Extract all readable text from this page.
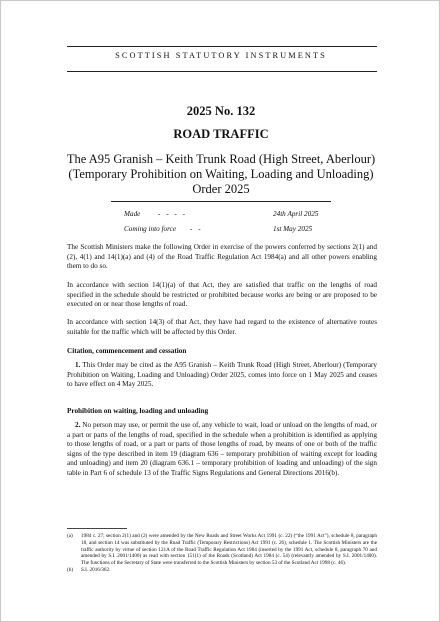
SCOTTISH STATUTORY INSTRUMENTS
2025 No. 132
ROAD TRAFFIC
The A95 Granish – Keith Trunk Road (High Street, Aberlour)
(Temporary Prohibition on Waiting, Loading and Unloading)
Order 2025
Made - - - -	24th April 2025
Coming into force - -	1st May 2025
The Scottish Ministers make the following Order in exercise of the powers conferred by sections 2(1) and (2), 4(1) and 14(1)(a) and (4) of the Road Traffic Regulation Act 1984(a) and all other powers enabling them to do so.
In accordance with section 14(1)(a) of that Act, they are satisfied that traffic on the lengths of road specified in the schedule should be restricted or prohibited because works are being or are proposed to be executed on or near those lengths of road.
In accordance with section 14(3) of that Act, they have had regard to the existence of alternative routes suitable for the traffic which will be affected by this Order.
Citation, commencement and cessation
1. This Order may be cited as the A95 Granish – Keith Trunk Road (High Street, Aberlour) (Temporary Prohibition on Waiting, Loading and Unloading) Order 2025, comes into force on 1 May 2025 and ceases to have effect on 4 May 2025.
Prohibition on waiting, loading and unloading
2. No person may use, or permit the use of, any vehicle to wait, load or unload on the lengths of road, or a part or parts of the lengths of road, specified in the schedule when a prohibition is identified as applying to those lengths of road, or a part or parts of those lengths of road, by means of one or both of the traffic signs of the type described in item 19 (diagram 636 – temporary prohibition of waiting except for loading and unloading) and item 20 (diagram 636.1 – temporary prohibition of loading and unloading) of the sign table in Part 6 of schedule 13 of the Traffic Signs Regulations and General Directions 2016(b).
(a)	1984 c. 27; section 2(1) and (2) were amended by the New Roads and Street Works Act 1991 (c. 22) (“the 1991 Act”), schedule 8, paragraph 18, and section 14 was substituted by the Road Traffic (Temporary Restrictions) Act 1991 (c. 26), schedule 1. The Scottish Ministers are the traffic authority by virtue of section 121A of the Road Traffic Regulation Act 1984 (inserted by the 1991 Act, schedule 8, paragraph 70 and amended by S.I. 2001/1400) as read with section 151(1) of the Roads (Scotland) Act 1984 (c. 54) (relevantly amended by S.I. 2001/1400). The functions of the Secretary of State were transferred to the Scottish Ministers by section 53 of the Scotland Act 1998 (c. 46).
(b)	S.I. 2016/362.
